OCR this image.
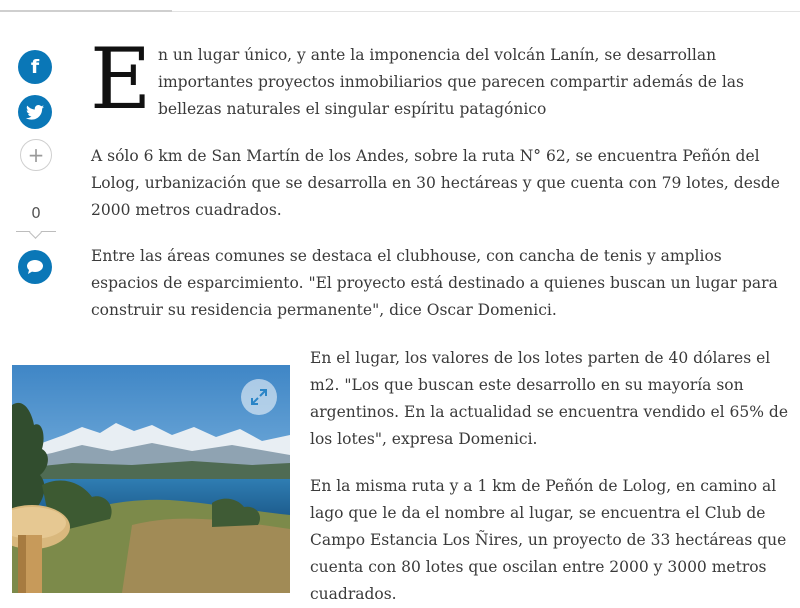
f
+
0
E n un lugar único, y ante la imponencia del volcán Lanín, se desarrollan importantes proyectos inmobiliarios que parecen compartir además de las bellezas naturales el singular espíritu patagónico

A sólo 6 km de San Martín de los Andes, sobre la ruta N° 62, se encuentra Peñón del Lolog, urbanización que se desarrolla en 30 hectáreas y que cuenta con 79 lotes, desde 2000 metros cuadrados.

Entre las áreas comunes se destaca el clubhouse, con cancha de tenis y amplios espacios de esparcimiento. "El proyecto está destinado a quienes buscan un lugar para construir su residencia permanente", dice Oscar Domenici.

En el lugar, los valores de los lotes parten de 40 dólares el m2. "Los que buscan este desarrollo en su mayoría son argentinos. En la actualidad se encuentra vendido el 65% de los lotes", expresa Domenici.

En la misma ruta y a 1 km de Peñón de Lolog, en camino al lago que le da el nombre al lugar, se encuentra el Club de Campo Estancia Los Ñires, un proyecto de 33 hectáreas que cuenta con 80 lotes que oscilan entre 2000 y 3000 metros cuadrados.
